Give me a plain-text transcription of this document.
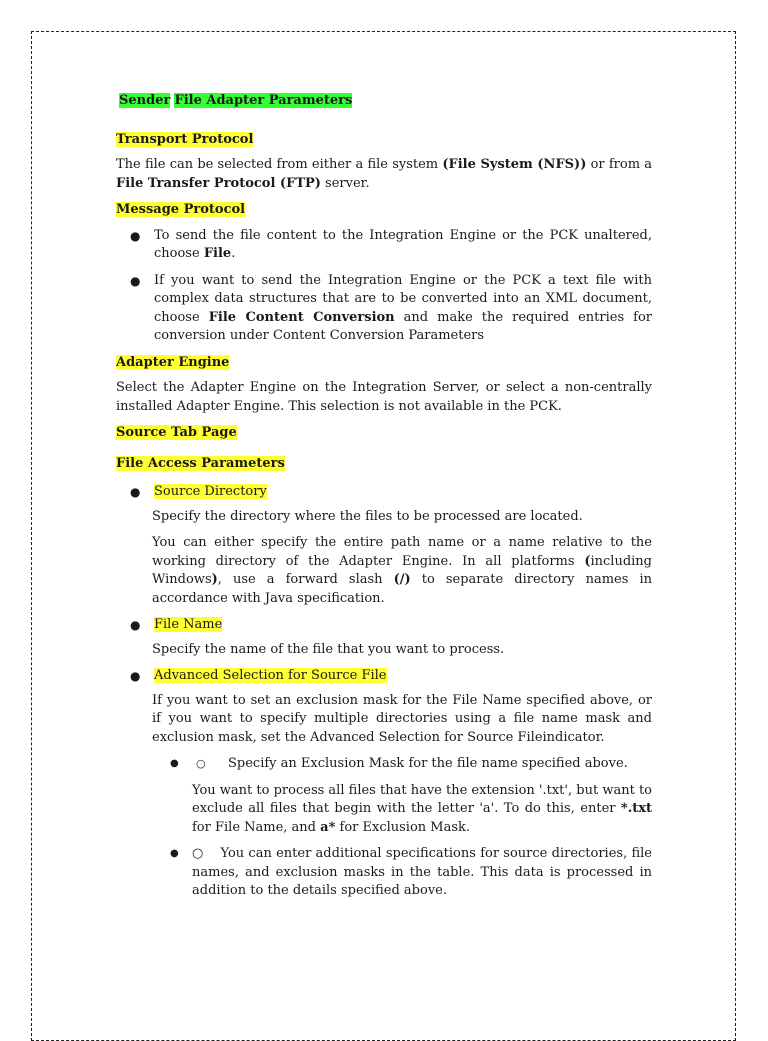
Sender File Adapter Parameters
Transport Protocol

The file can be selected from either a file system (File System (NFS)) or from a File Transfer Protocol (FTP) server.

Message Protocol
● To send the file content to the Integration Engine or the PCK unaltered, choose File.

● If you want to send the Integration Engine or the PCK a text file with complex data structures that are to be converted into an XML document, choose File Content Conversion and make the required entries for conversion under Content Conversion Parameters

Adapter Engine

Select the Adapter Engine on the Integration Server, or select a non-centrally installed Adapter Engine. This selection is not available in the PCK.

Source Tab Page
File Access Parameters
● Source Directory

Specify the directory where the files to be processed are located.

You can either specify the entire path name or a name relative to the working directory of the Adapter Engine. In all platforms (including Windows), use a forward slash (/) to separate directory names in accordance with Java specification.

● File Name

Specify the name of the file that you want to process.

● Advanced Selection for Source File

If you want to set an exclusion mask for the File Name specified above, or if you want to specify multiple directories using a file name mask and exclusion mask, set the Advanced Selection for Source Fileindicator.

● ○	Specify an Exclusion Mask for the file name specified above.

You want to process all files that have the extension '.txt', but want to exclude all files that begin with the letter 'a'. To do this, enter *.txt for File Name, and a* for Exclusion Mask.

● ○    You can enter additional specifications for source directories, file names, and exclusion masks in the table. This data is processed in addition to the details specified above.
